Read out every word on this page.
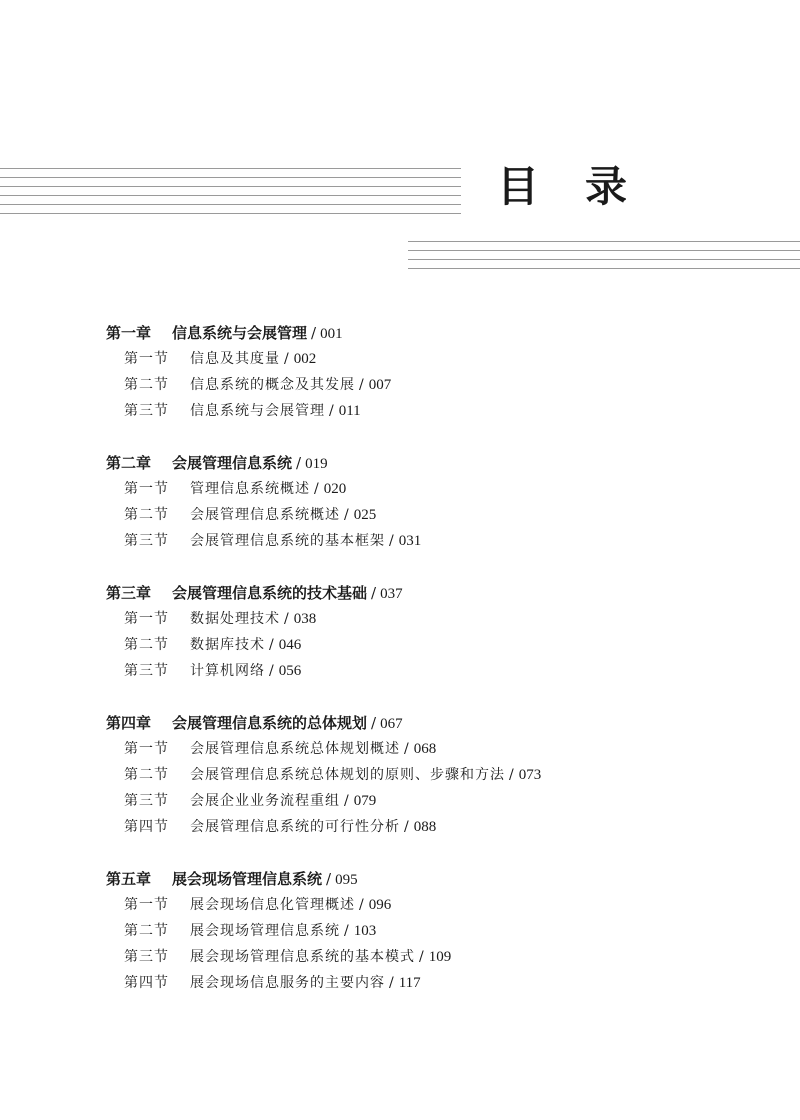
目录
第一章 信息系统与会展管理 / 001
第一节 信息及其度量 / 002
第二节 信息系统的概念及其发展 / 007
第三节 信息系统与会展管理 / 011
第二章 会展管理信息系统 / 019
第一节 管理信息系统概述 / 020
第二节 会展管理信息系统概述 / 025
第三节 会展管理信息系统的基本框架 / 031
第三章 会展管理信息系统的技术基础 / 037
第一节 数据处理技术 / 038
第二节 数据库技术 / 046
第三节 计算机网络 / 056
第四章 会展管理信息系统的总体规划 / 067
第一节 会展管理信息系统总体规划概述 / 068
第二节 会展管理信息系统总体规划的原则、步骤和方法 / 073
第三节 会展企业业务流程重组 / 079
第四节 会展管理信息系统的可行性分析 / 088
第五章 展会现场管理信息系统 / 095
第一节 展会现场信息化管理概述 / 096
第二节 展会现场管理信息系统 / 103
第三节 展会现场管理信息系统的基本模式 / 109
第四节 展会现场信息服务的主要内容 / 117
